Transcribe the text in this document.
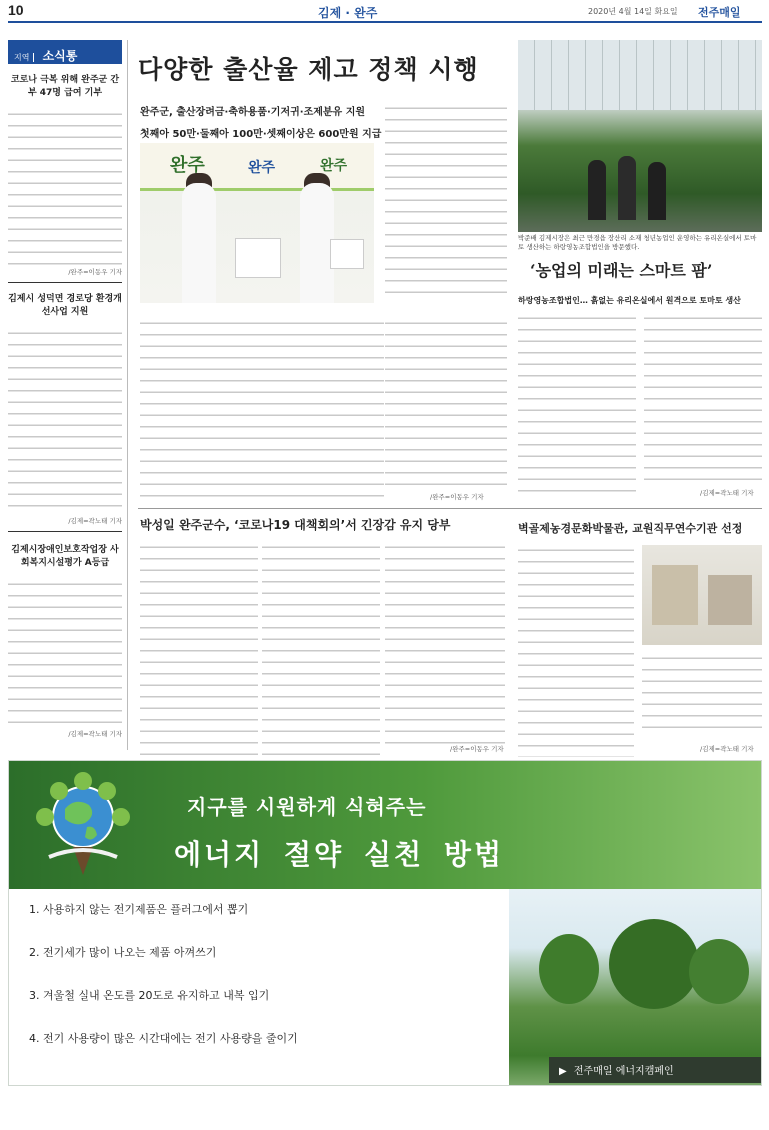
10	김제 · 완주	2020년 4월 14일 화요일 전주매일
지역 소식통
코로나 극복 위해 완주군 간부 47명 급여 기부
/완주=이동우 기자
김제시 성덕면 경로당 환경개선사업 지원
/김제=곽노태 기자
김제시장애인보호작업장 사회복지시설평가 A등급
/김제=곽노태 기자
다양한 출산율 제고 정책 시행
완주군, 출산장려금·축하용품·기저귀·조제분유 지원
첫째아 50만·둘째아 100만·셋째이상은 600만원 지급
완주	완주	완주
/완주=이동우 기자
박준배 김제시장은 최근 만경읍 장산리 소재 청년농업인 운영하는 유리온실에서 토마토 생산하는 하랑영농조합법인을 방문했다.
‘농업의 미래는 스마트 팜’
하랑영농조합법인… 흙없는 유리온실에서 원격으로 토마토 생산
/김제=곽노태 기자
박성일 완주군수, ‘코로나19 대책회의’서 긴장감 유지 당부
/완주=이동우 기자
벽골제농경문화박물관, 교원직무연수기관 선정
/김제=곽노태 기자
지구를 시원하게 식혀주는
에너지 절약 실천 방법
1. 사용하지 않는 전기제품은 플러그에서 뽑기
2. 전기세가 많이 나오는 제품 아껴쓰기
3. 겨울철 실내 온도를 20도로 유지하고 내복 입기
4. 전기 사용량이 많은 시간대에는 전기 사용량을 줄이기
▶ 전주매일 에너지캠페인
